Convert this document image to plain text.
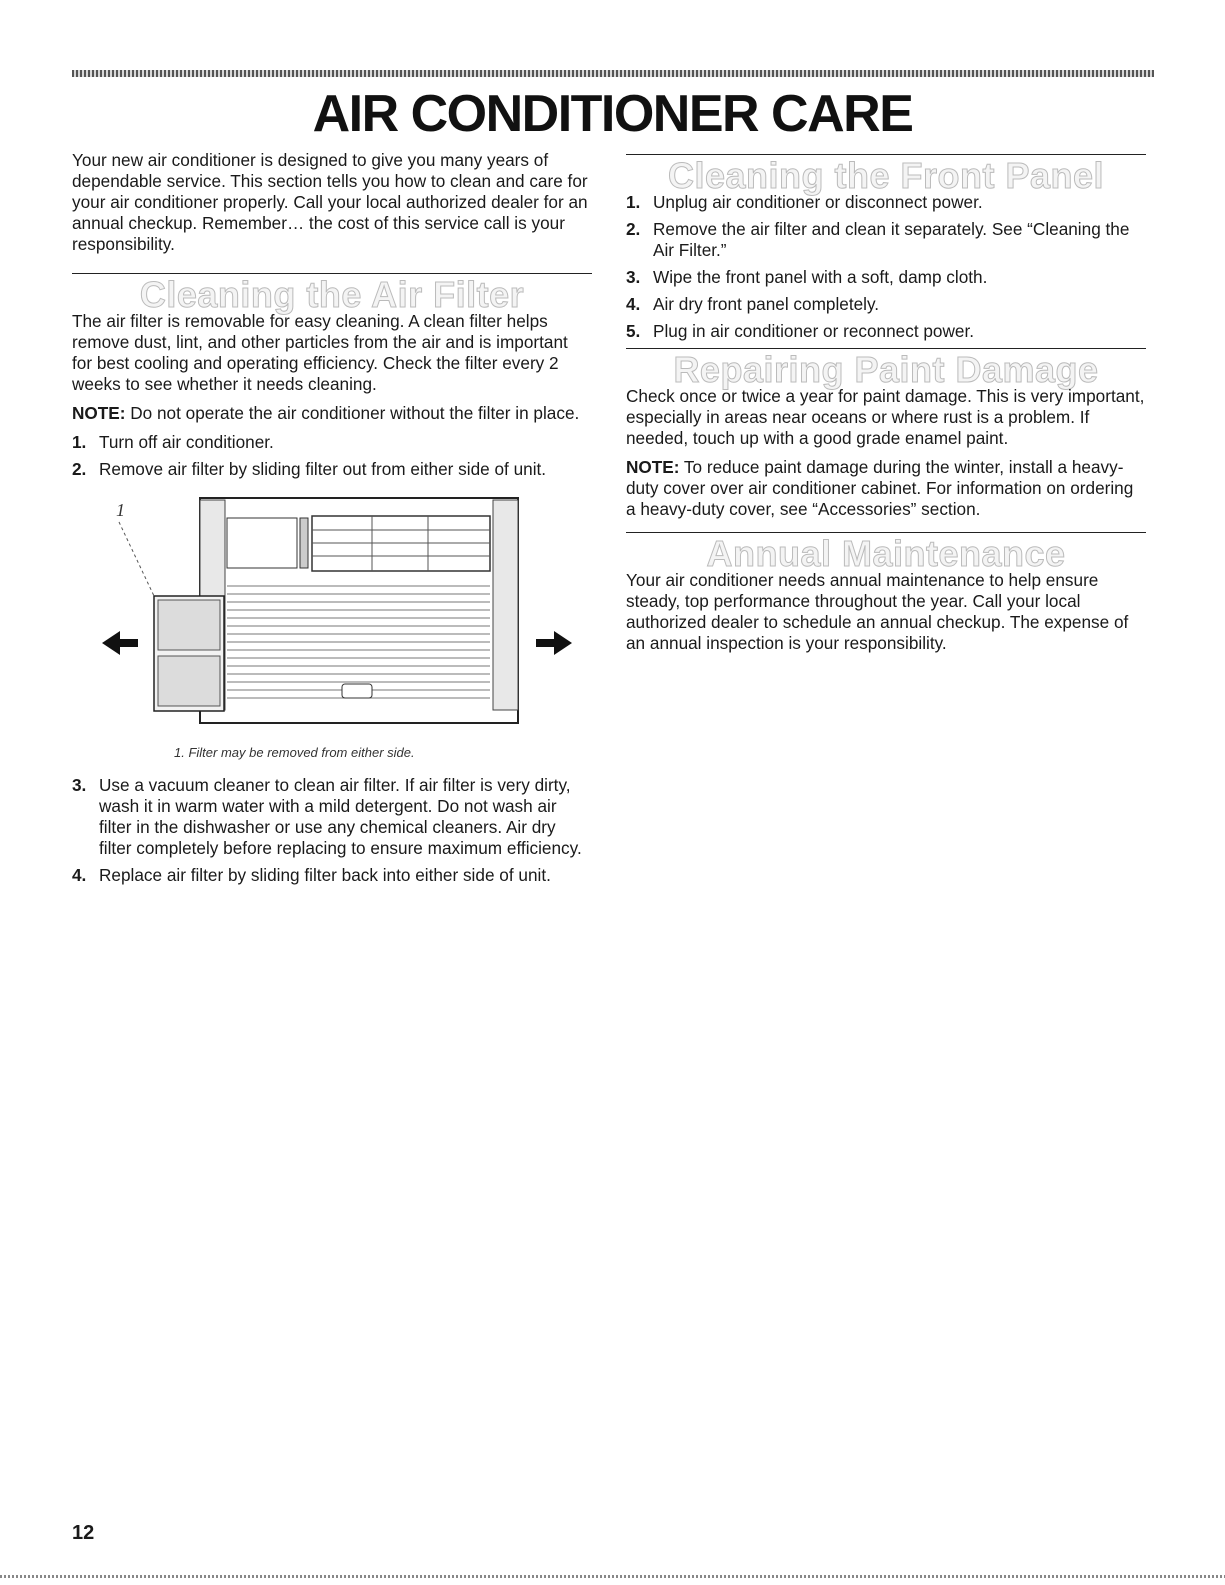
AIR CONDITIONER CARE

Your new air conditioner is designed to give you many years of dependable service. This section tells you how to clean and care for your air conditioner properly. Call your local authorized dealer for an annual checkup. Remember… the cost of this service call is your responsibility.

Cleaning the Air Filter

The air filter is removable for easy cleaning. A clean filter helps remove dust, lint, and other particles from the air and is important for best cooling and operating efficiency. Check the filter every 2 weeks to see whether it needs cleaning.

NOTE: Do not operate the air conditioner without the filter in place.

1. Turn off air conditioner.
2. Remove air filter by sliding filter out from either side of unit.
1

1. Filter may be removed from either side.

3. Use a vacuum cleaner to clean air filter. If air filter is very dirty, wash it in warm water with a mild detergent. Do not wash air filter in the dishwasher or use any chemical cleaners. Air dry filter completely before replacing to ensure maximum efficiency.
4. Replace air filter by sliding filter back into either side of unit.
Cleaning the Front Panel
1. Unplug air conditioner or disconnect power.
2. Remove the air filter and clean it separately. See “Cleaning the Air Filter.”
3. Wipe the front panel with a soft, damp cloth.
4. Air dry front panel completely.
5. Plug in air conditioner or reconnect power.
Repairing Paint Damage

Check once or twice a year for paint damage. This is very important, especially in areas near oceans or where rust is a problem. If needed, touch up with a good grade enamel paint.

NOTE: To reduce paint damage during the winter, install a heavy-duty cover over air conditioner cabinet. For information on ordering a heavy-duty cover, see “Accessories” section.

Annual Maintenance

Your air conditioner needs annual maintenance to help ensure steady, top performance throughout the year. Call your local authorized dealer to schedule an annual checkup. The expense of an annual inspection is your responsibility.

12
